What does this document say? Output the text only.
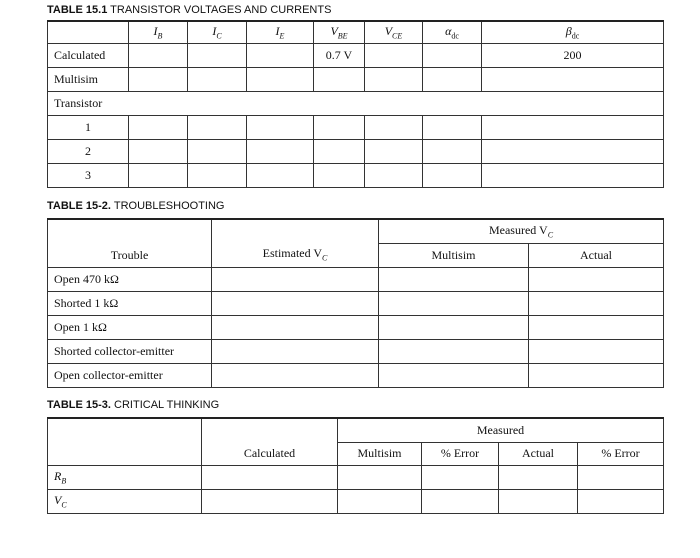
TABLE 15.1 TRANSISTOR VOLTAGES AND CURRENTS
	$I_B$	$I_C$	$I_E$	$V_{BE}$	$V_{CE}$	$\alpha_{dc}$	$\beta_{dc}$
Calculated				0.7 V			200
Multisim							
Transistor							
1							
2							
3							
TABLE 15-2. TROUBLESHOOTING
Trouble	Estimated $V_C$	Measured $V_C$
		Multisim	Actual
Open 470 kΩ			
Shorted 1 kΩ			
Open 1 kΩ			
Shorted collector-emitter			
Open collector-emitter			
TABLE 15-3. CRITICAL THINKING
	Calculated	Measured			
		Multisim	% Error	Actual	% Error
$R_B$					
$V_C$					
